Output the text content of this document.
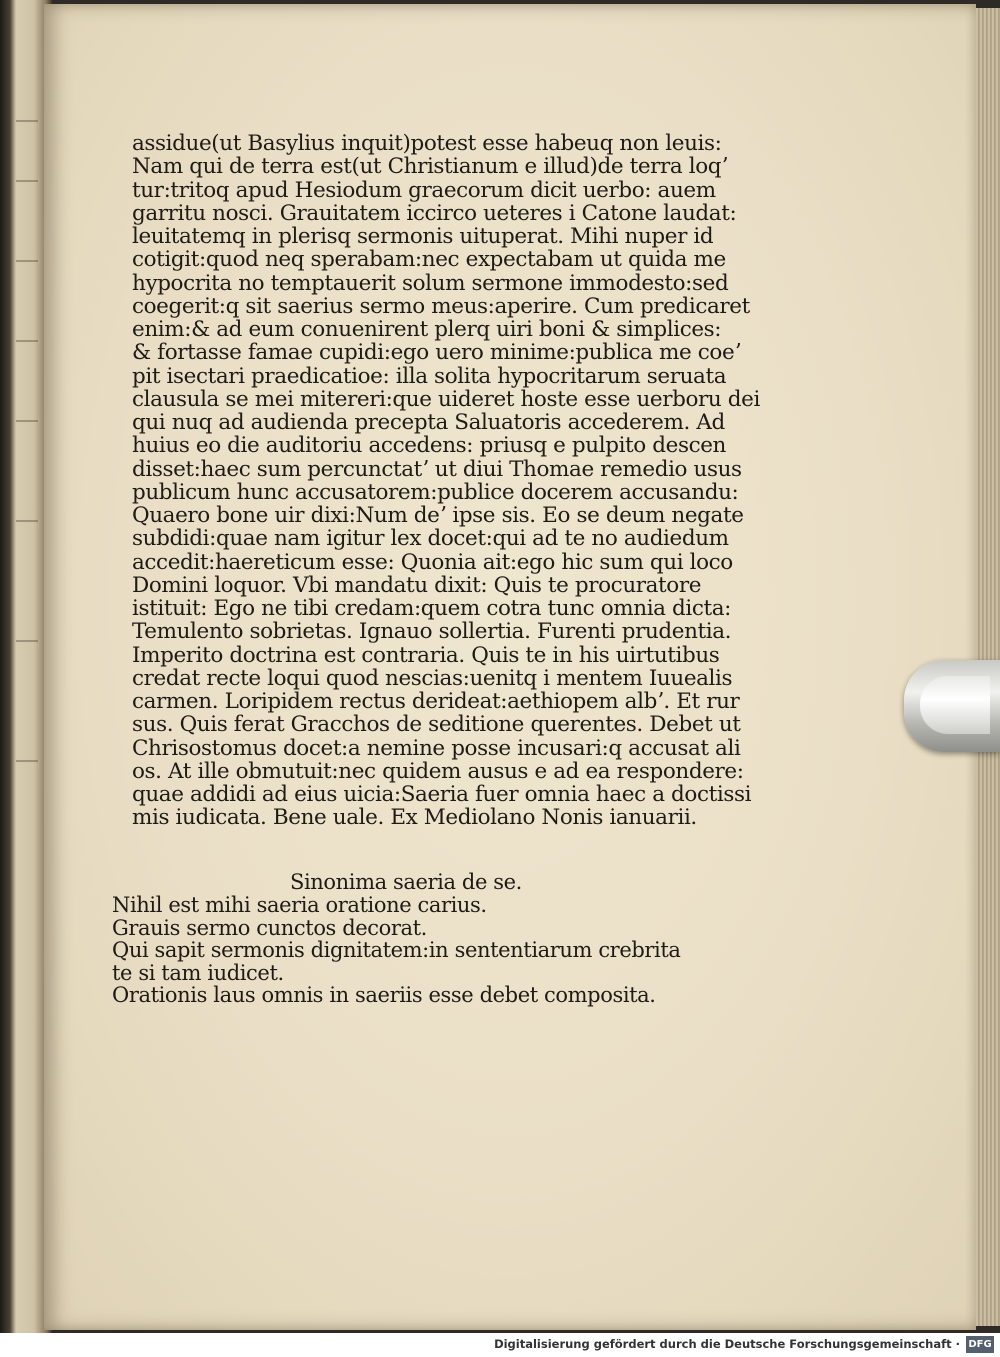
assidue(ut Basylius inquit)potest esse habeuq non leuis:
Nam qui de terra est(ut Christianum e illud)de terra loqʼ
tur:tritoq apud Hesiodum graecorum dicit uerbo: auem
garritu nosci. Grauitatem iccirco ueteres i Catone laudat:
leuitatemq in plerisq sermonis uituperat. Mihi nuper id
cotigit:quod neq sperabam:nec expectabam ut quida me
hypocrita no temptauerit solum sermone immodesto:sed
coegerit:q sit saerius sermo meus:aperire. Cum predicaret
enim:& ad eum conuenirent plerq uiri boni & simplices:
& fortasse famae cupidi:ego uero minime:publica me coeʼ
pit isectari praedicatioe: illa solita hypocritarum seruata
clausula se mei mitereri:que uideret hoste esse uerboru dei
qui nuq ad audienda precepta Saluatoris accederem. Ad
huius eo die auditoriu accedens: priusq e pulpito descen
disset:haec sum percunctatʼ ut diui Thomae remedio usus
publicum hunc accusatorem:publice docerem accusandu:
Quaero bone uir dixi:Num deʼ ipse sis. Eo se deum negate
subdidi:quae nam igitur lex docet:qui ad te no audiedum
accedit:haereticum esse: Quonia ait:ego hic sum qui loco
Domini loquor. Vbi mandatu dixit: Quis te procuratore
istituit: Ego ne tibi credam:quem cotra tunc omnia dicta:
Temulento sobrietas. Ignauo sollertia. Furenti prudentia.
Imperito doctrina est contraria. Quis te in his uirtutibus
credat recte loqui quod nescias:uenitq i mentem Iuuealis
carmen. Loripidem rectus derideat:aethiopem albʼ. Et rur
sus. Quis ferat Gracchos de seditione querentes. Debet ut
Chrisostomus docet:a nemine posse incusari:q accusat ali
os. At ille obmutuit:nec quidem ausus e ad ea respondere:
quae addidi ad eius uicia:Saeria fuer omnia haec a doctissi
mis iudicata. Bene uale. Ex Mediolano Nonis ianuarii.
Sinonima saeria de se.
Nihil est mihi saeria oratione carius.
Grauis sermo cunctos decorat.
Qui sapit sermonis dignitatem:in sententiarum crebrita
te si tam iudicet.
Orationis laus omnis in saeriis esse debet composita.
Digitalisierung gefördert durch die Deutsche Forschungsgemeinschaft · DFG
